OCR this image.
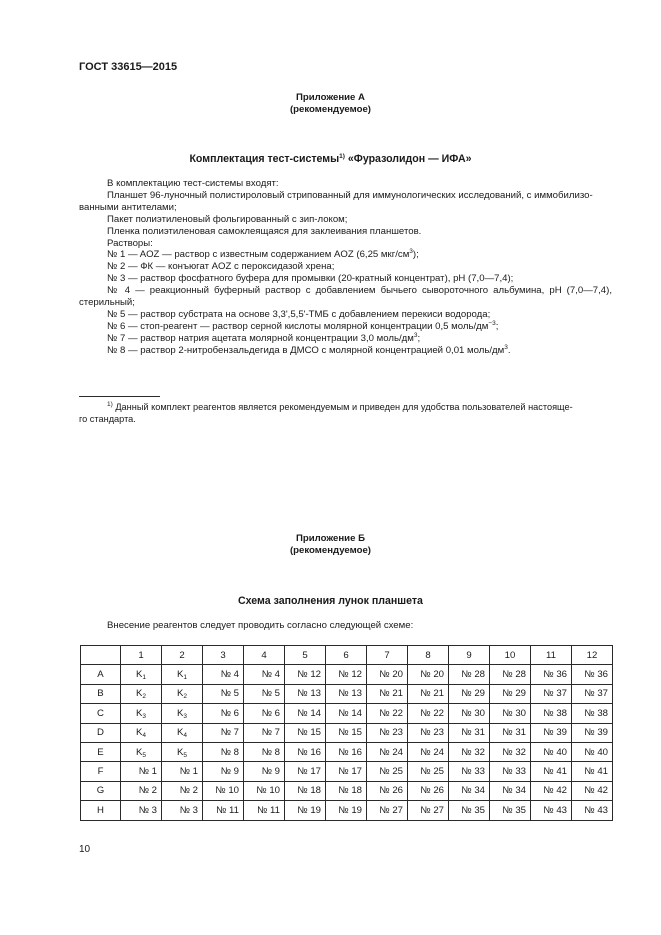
ГОСТ 33615—2015
Приложение А
(рекомендуемое)
Комплектация тест-системы$^{1)}$ «Фуразолидон — ИФА»
В комплектацию тест-системы входят:
Планшет 96-луночный полистироловый стрипованный для иммунологических исследований, с иммобилизо-
ванными антителами;
Пакет полиэтиленовый фольгированный с зип-локом;
Пленка полиэтиленовая самоклеящаяся для заклеивания планшетов.
Растворы:
№ 1 — AOZ — раствор с известным содержанием AOZ (6,25 мкг/$см^3$);
№ 2 — ФК — конъюгат AOZ с пероксидазой хрена;
№ 3 — раствор фосфатного буфера для промывки (20-кратный концентрат), рН (7,0—7,4);
№ 4 — реакционный буферный раствор с добавлением бычьего сывороточного альбумина, рН (7,0—7,4),
стерильный;
№ 5 — раствор субстрата на основе 3,3',5,5'-ТМБ с добавлением перекиси водорода;
№ 6 — стоп-реагент — раствор серной кислоты молярной концентрации 0,5 моль/$дм^{-3}$;
№ 7 — раствор натрия ацетата молярной концентрации 3,0 моль/$дм^3$;
№ 8 — раствор 2-нитробензальдегида в ДМСО с молярной концентрацией 0,01 моль/$дм^3$.
$^{1)}$ Данный комплект реагентов является рекомендуемым и приведен для удобства пользователей настояще-
го стандарта.
Приложение Б
(рекомендуемое)
Схема заполнения лунок планшета
Внесение реагентов следует проводить согласно следующей схеме:
	1	2	3	4	5	6	7	8	9	10	11	12
A	$K_1$	$K_1$	№ 4	№ 4	№ 12	№ 12	№ 20	№ 20	№ 28	№ 28	№ 36	№ 36
B	$K_2$	$K_2$	№ 5	№ 5	№ 13	№ 13	№ 21	№ 21	№ 29	№ 29	№ 37	№ 37
C	$K_3$	$K_3$	№ 6	№ 6	№ 14	№ 14	№ 22	№ 22	№ 30	№ 30	№ 38	№ 38
D	$K_4$	$K_4$	№ 7	№ 7	№ 15	№ 15	№ 23	№ 23	№ 31	№ 31	№ 39	№ 39
E	$K_5$	$K_5$	№ 8	№ 8	№ 16	№ 16	№ 24	№ 24	№ 32	№ 32	№ 40	№ 40
F	№ 1	№ 1	№ 9	№ 9	№ 17	№ 17	№ 25	№ 25	№ 33	№ 33	№ 41	№ 41
G	№ 2	№ 2	№ 10	№ 10	№ 18	№ 18	№ 26	№ 26	№ 34	№ 34	№ 42	№ 42
H	№ 3	№ 3	№ 11	№ 11	№ 19	№ 19	№ 27	№ 27	№ 35	№ 35	№ 43	№ 43
10
